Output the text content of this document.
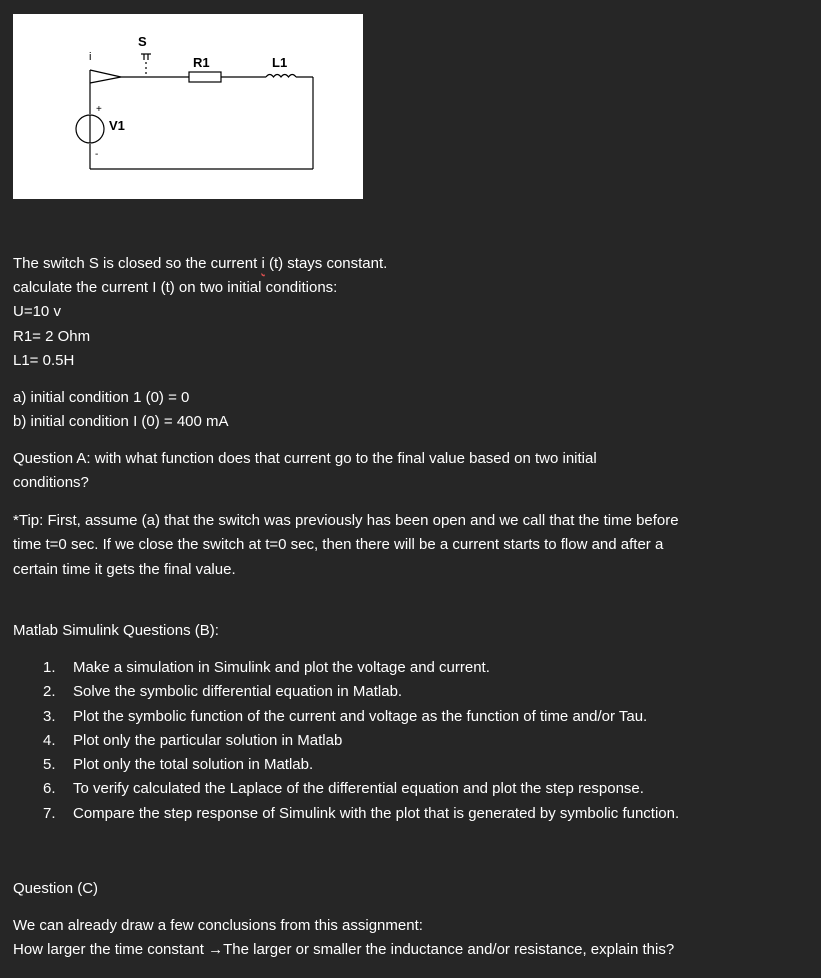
S
i	R1	L1
V1
+
-
The switch S is closed so the current i (t) stays constant.
calculate the current I (t) on two initial conditions:
U=10 v
R1= 2 Ohm
L1= 0.5H
a) initial condition 1 (0) = 0
b) initial condition I (0) = 400 mA
Question A: with what function does that current go to the final value based on two initial
conditions?
*Tip: First, assume (a) that the switch was previously has been open and we call that the time before
time t=0 sec. If we close the switch at t=0 sec, then there will be a current starts to flow and after a
certain time it gets the final value.
Matlab Simulink Questions (B):
1. Make a simulation in Simulink and plot the voltage and current.
2. Solve the symbolic differential equation in Matlab.
3. Plot the symbolic function of the current and voltage as the function of time and/or Tau.
4. Plot only the particular solution in Matlab
5. Plot only the total solution in Matlab.
6. To verify calculated the Laplace of the differential equation and plot the step response.
7. Compare the step response of Simulink with the plot that is generated by symbolic function.
Question (C)
We can already draw a few conclusions from this assignment:
How larger the time constant →The larger or smaller the inductance and/or resistance, explain this?
